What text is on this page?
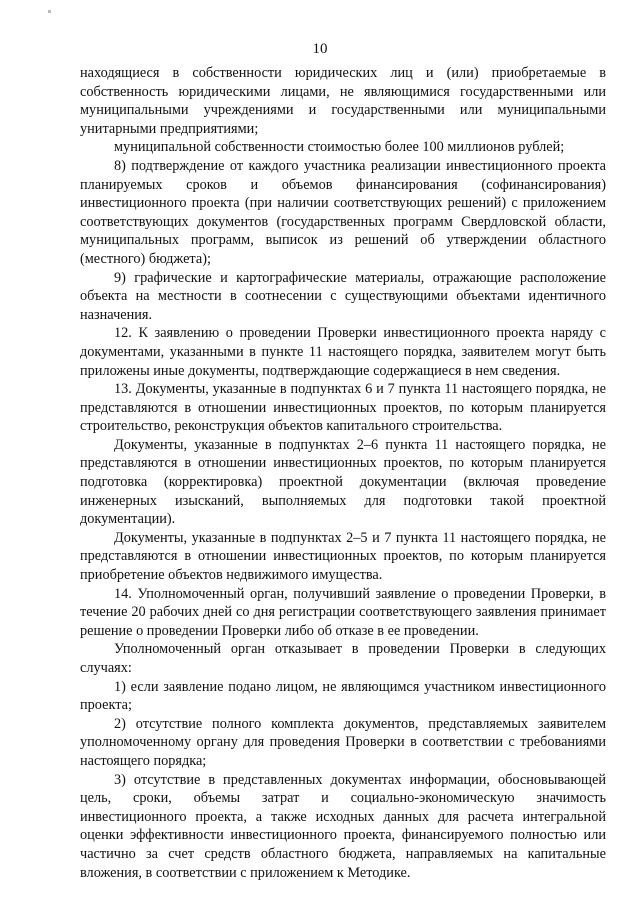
10

находящиеся в собственности юридических лиц и (или) приобретаемые в собственность юридическими лицами, не являющимися государственными или муниципальными учреждениями и государственными или муниципальными унитарными предприятиями;

муниципальной собственности стоимостью более 100 миллионов рублей;

8) подтверждение от каждого участника реализации инвестиционного проекта планируемых сроков и объемов финансирования (софинансирования) инвестиционного проекта (при наличии соответствующих решений) с приложением соответствующих документов (государственных программ Свердловской области, муниципальных программ, выписок из решений об утверждении областного (местного) бюджета);

9) графические и картографические материалы, отражающие расположение объекта на местности в соотнесении с существующими объектами идентичного назначения.

12. К заявлению о проведении Проверки инвестиционного проекта наряду с документами, указанными в пункте 11 настоящего порядка, заявителем могут быть приложены иные документы, подтверждающие содержащиеся в нем сведения.

13. Документы, указанные в подпунктах 6 и 7 пункта 11 настоящего порядка, не представляются в отношении инвестиционных проектов, по которым планируется строительство, реконструкция объектов капитального строительства.

Документы, указанные в подпунктах 2–6 пункта 11 настоящего порядка, не представляются в отношении инвестиционных проектов, по которым планируется подготовка (корректировка) проектной документации (включая проведение инженерных изысканий, выполняемых для подготовки такой проектной документации).

Документы, указанные в подпунктах 2–5 и 7 пункта 11 настоящего порядка, не представляются в отношении инвестиционных проектов, по которым планируется приобретение объектов недвижимого имущества.

14. Уполномоченный орган, получивший заявление о проведении Проверки, в течение 20 рабочих дней со дня регистрации соответствующего заявления принимает решение о проведении Проверки либо об отказе в ее проведении.

Уполномоченный орган отказывает в проведении Проверки в следующих случаях:

1) если заявление подано лицом, не являющимся участником инвестиционного проекта;

2) отсутствие полного комплекта документов, представляемых заявителем уполномоченному органу для проведения Проверки в соответствии с требованиями настоящего порядка;

3) отсутствие в представленных документах информации, обосновывающей цель, сроки, объемы затрат и социально-экономическую значимость инвестиционного проекта, а также исходных данных для расчета интегральной оценки эффективности инвестиционного проекта, финансируемого полностью или частично за счет средств областного бюджета, направляемых на капитальные вложения, в соответствии с приложением к Методике.
